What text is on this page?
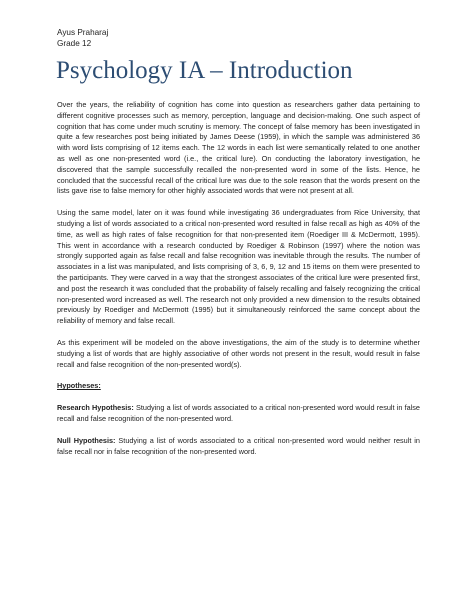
Ayus Praharaj
Grade 12
Psychology IA – Introduction

Over the years, the reliability of cognition has come into question as researchers gather data pertaining to different cognitive processes such as memory, perception, language and decision-making. One such aspect of cognition that has come under much scrutiny is memory. The concept of false memory has been investigated in quite a few researches post being initiated by James Deese (1959), in which the sample was administered 36 with word lists comprising of 12 items each. The 12 words in each list were semantically related to one another as well as one non-presented word (i.e., the critical lure). On conducting the laboratory investigation, he discovered that the sample successfully recalled the non-presented word in some of the lists. Hence, he concluded that the successful recall of the critical lure was due to the sole reason that the words present on the lists gave rise to false memory for other highly associated words that were not present at all.

Using the same model, later on it was found while investigating 36 undergraduates from Rice University, that studying a list of words associated to a critical non-presented word resulted in false recall as high as 40% of the time, as well as high rates of false recognition for that non-presented item (Roediger III & McDermott, 1995). This went in accordance with a research conducted by Roediger & Robinson (1997) where the notion was strongly supported again as false recall and false recognition was inevitable through the results. The number of associates in a list was manipulated, and lists comprising of 3, 6, 9, 12 and 15 items on them were presented to the participants. They were carved in a way that the strongest associates of the critical lure were presented first, and post the research it was concluded that the probability of falsely recalling and falsely recognizing the critical non-presented word increased as well. The research not only provided a new dimension to the results obtained previously by Roediger and McDermott (1995) but it simultaneously reinforced the same concept about the reliability of memory and false recall.

As this experiment will be modeled on the above investigations, the aim of the study is to determine whether studying a list of words that are highly associative of other words not present in the result, would result in false recall and false recognition of the non-presented word(s).

Hypotheses:

Research Hypothesis: Studying a list of words associated to a critical non-presented word would result in false recall and false recognition of the non-presented word.

Null Hypothesis: Studying a list of words associated to a critical non-presented word would neither result in false recall nor in false recognition of the non-presented word.
